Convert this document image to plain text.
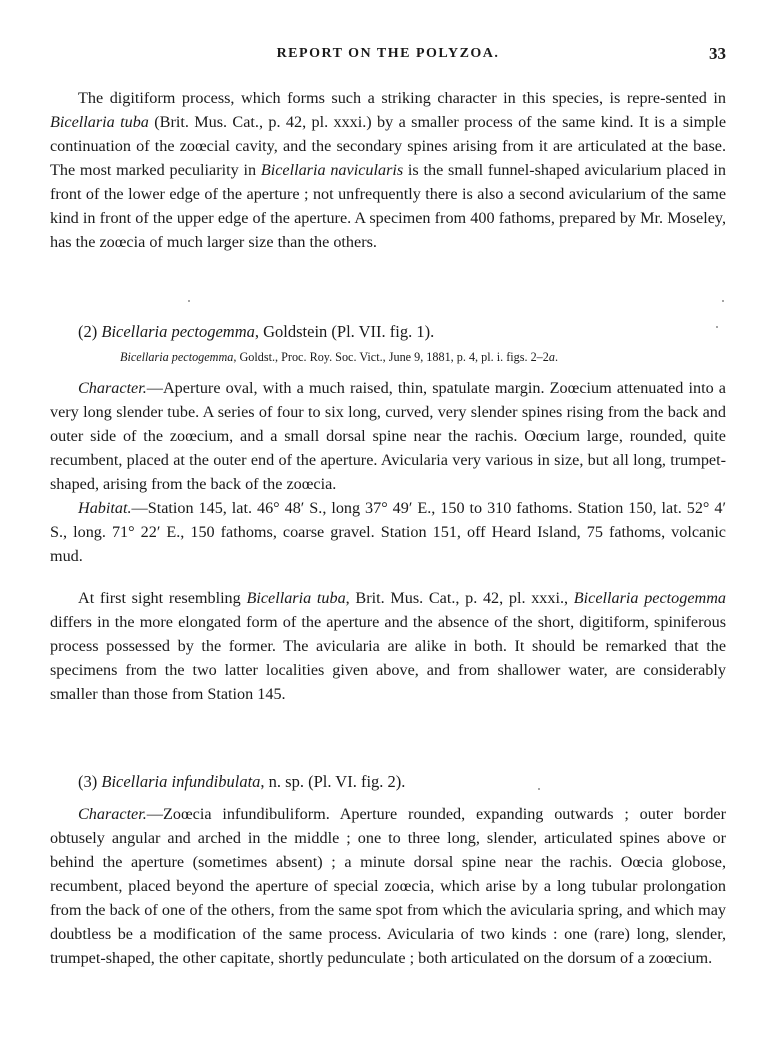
REPORT ON THE POLYZOA.	33

The digitiform process, which forms such a striking character in this species, is repre-sented in Bicellaria tuba (Brit. Mus. Cat., p. 42, pl. xxxi.) by a smaller process of the same kind. It is a simple continuation of the zoœcial cavity, and the secondary spines arising from it are articulated at the base. The most marked peculiarity in Bicellaria navicularis is the small funnel-shaped avicularium placed in front of the lower edge of the aperture ; not unfrequently there is also a second avicularium of the same kind in front of the upper edge of the aperture. A specimen from 400 fathoms, prepared by Mr. Moseley, has the zoœcia of much larger size than the others.

(2) Bicellaria pectogemma, Goldstein (Pl. VII. fig. 1).

Bicellaria pectogemma, Goldst., Proc. Roy. Soc. Vict., June 9, 1881, p. 4, pl. i. figs. 2–2a.

Character.—Aperture oval, with a much raised, thin, spatulate margin. Zoœcium attenuated into a very long slender tube. A series of four to six long, curved, very slender spines rising from the back and outer side of the zoœcium, and a small dorsal spine near the rachis. Oœcium large, rounded, quite recumbent, placed at the outer end of the aperture. Avicularia very various in size, but all long, trumpet-shaped, arising from the back of the zoœcia.

Habitat.—Station 145, lat. 46° 48′ S., long 37° 49′ E., 150 to 310 fathoms. Station 150, lat. 52° 4′ S., long. 71° 22′ E., 150 fathoms, coarse gravel. Station 151, off Heard Island, 75 fathoms, volcanic mud.

At first sight resembling Bicellaria tuba, Brit. Mus. Cat., p. 42, pl. xxxi., Bicellaria pectogemma differs in the more elongated form of the aperture and the absence of the short, digitiform, spiniferous process possessed by the former. The avicularia are alike in both. It should be remarked that the specimens from the two latter localities given above, and from shallower water, are considerably smaller than those from Station 145.

(3) Bicellaria infundibulata, n. sp. (Pl. VI. fig. 2).

Character.—Zoœcia infundibuliform. Aperture rounded, expanding outwards ; outer border obtusely angular and arched in the middle ; one to three long, slender, articulated spines above or behind the aperture (sometimes absent) ; a minute dorsal spine near the rachis. Oœcia globose, recumbent, placed beyond the aperture of special zoœcia, which arise by a long tubular prolongation from the back of one of the others, from the same spot from which the avicularia spring, and which may doubtless be a modification of the same process. Avicularia of two kinds : one (rare) long, slender, trumpet-shaped, the other capitate, shortly pedunculate ; both articulated on the dorsum of a zoœcium.
